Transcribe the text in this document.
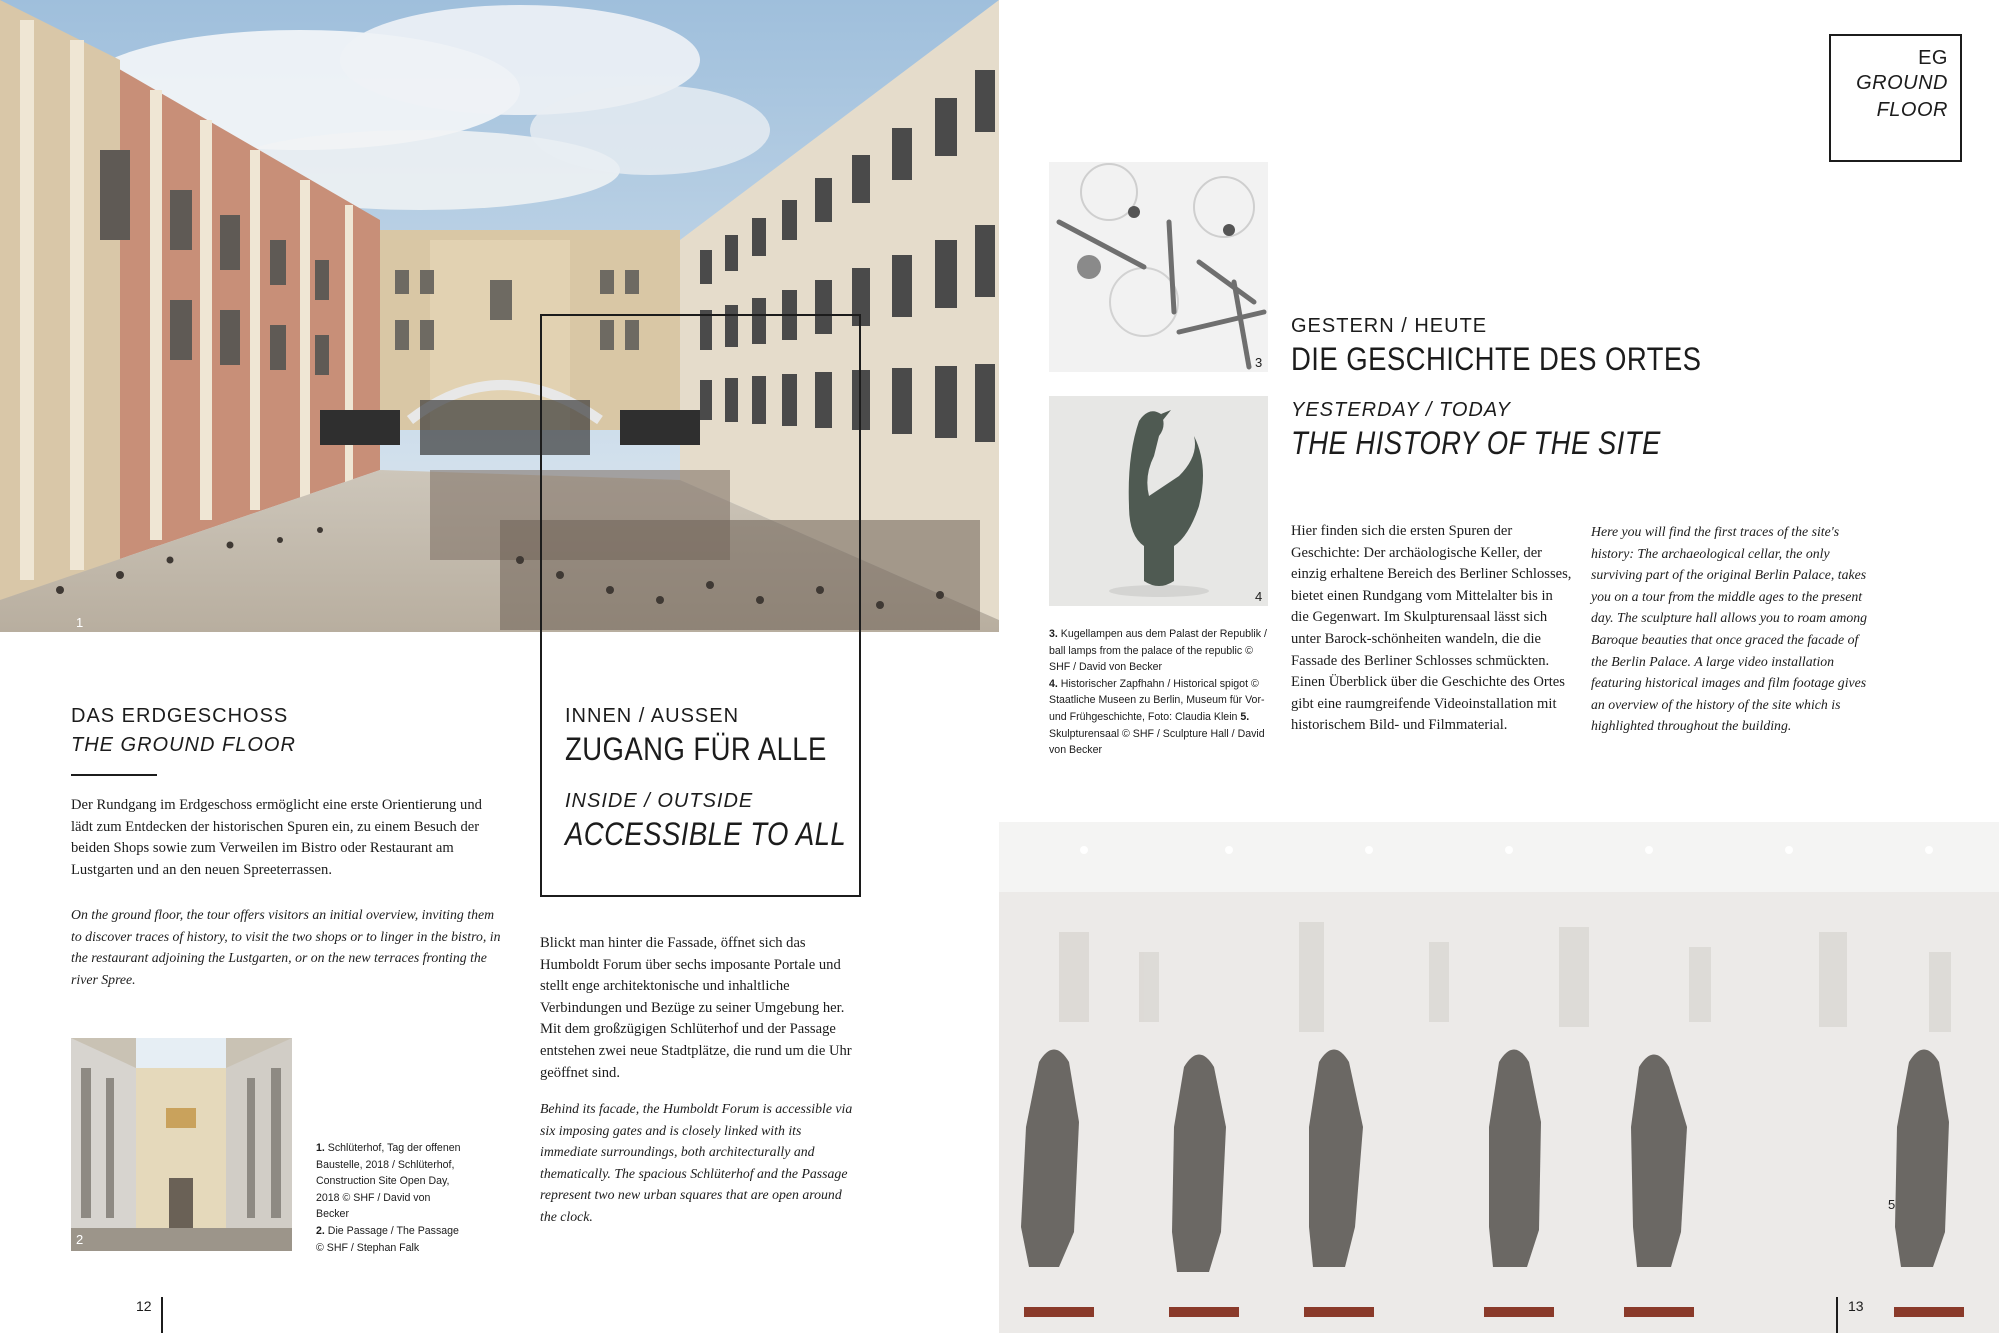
1
3
4
5
2
EG
GROUND
FLOOR
DAS ERDGESCHOSS
THE GROUND FLOOR

Der Rundgang im Erdgeschoss ermöglicht eine erste Orientierung und lädt zum Entdecken der historischen Spuren ein, zu einem Besuch der beiden Shops sowie zum Verweilen im Bistro oder Restaurant am Lustgarten und an den neuen Spreeterrassen.

On the ground floor, the tour offers visitors an initial overview, inviting them to discover traces of history, to visit the two shops or to linger in the bistro, in the restaurant adjoining the Lustgarten, or on the new terraces fronting the river Spree.

1. Schlüterhof, Tag der offenen Baustelle, 2018 / Schlüterhof, Construction Site Open Day, 2018 © SHF / David von Becker
2. Die Passage / The Passage © SHF / Stephan Falk
12
INNEN / AUSSEN
ZUGANG FÜR ALLE
INSIDE / OUTSIDE
ACCESSIBLE TO ALL

Blickt man hinter die Fassade, öffnet sich das Humboldt Forum über sechs imposante Portale und stellt enge architektonische und inhaltliche Verbindungen und Bezüge zu seiner Umgebung her. Mit dem großzügigen Schlüterhof und der Passage entstehen zwei neue Stadtplätze, die rund um die Uhr geöffnet sind.

Behind its facade, the Humboldt Forum is accessible via six imposing gates and is closely linked with its immediate surroundings, both architecturally and thematically. The spacious Schlüterhof and the Passage represent two new urban squares that are open around the clock.

GESTERN / HEUTE
DIE GESCHICHTE DES ORTES
YESTERDAY / TODAY
THE HISTORY OF THE SITE

Hier finden sich die ersten Spuren der Geschichte: Der archäologische Keller, der einzig erhaltene Bereich des Berliner Schlosses, bietet einen Rundgang vom Mittelalter bis in die Gegenwart. Im Skulpturensaal lässt sich unter Barock-schönheiten wandeln, die die Fassade des Berliner Schlosses schmückten. Einen Überblick über die Geschichte des Ortes gibt eine raumgreifende Videoinstallation mit historischem Bild- und Filmmaterial.

Here you will find the first traces of the site's history: The archaeological cellar, the only surviving part of the original Berlin Palace, takes you on a tour from the middle ages to the present day. The sculpture hall allows you to roam among Baroque beauties that once graced the facade of the Berlin Palace. A large video installation featuring historical images and film footage gives an overview of the history of the site which is highlighted throughout the building.

3. Kugellampen aus dem Palast der Republik / ball lamps from the palace of the republic © SHF / David von Becker
4. Historischer Zapfhahn / Historical spigot © Staatliche Museen zu Berlin, Museum für Vor- und Frühgeschichte, Foto: Claudia Klein 5. Skulpturensaal © SHF / Sculpture Hall / David von Becker
13
